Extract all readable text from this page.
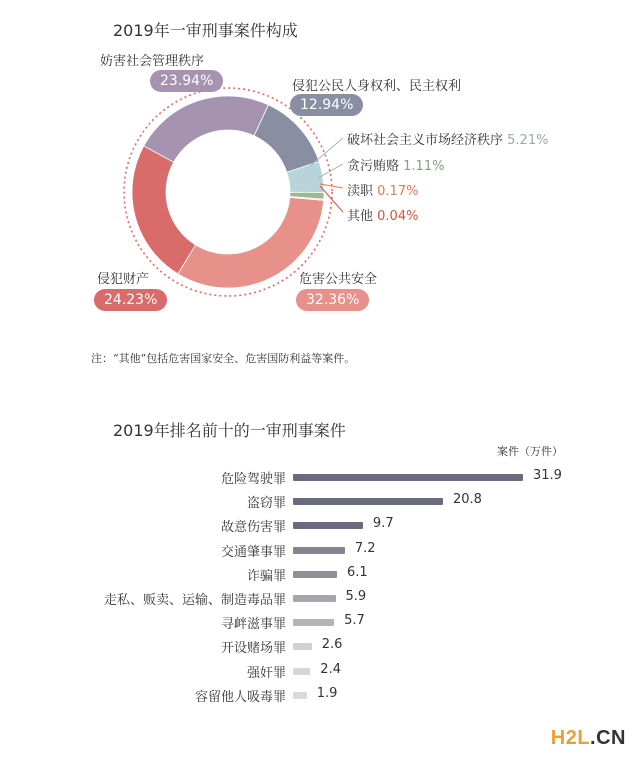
2019年一审刑事案件构成
妨害社会管理秩序
23.94%	侵犯公民人身权利、民主权利
12.94%
危害公共安全
32.36%
侵犯财产
24.23%
破坏社会主义市场经济秩序 5.21%
贪污贿赂 1.11%
渎职 0.17%
其他 0.04%
注：“其他”包括危害国家安全、危害国防利益等案件。
2019年排名前十的一审刑事案件
案件（万件）
危险驾驶罪	31.9
盗窃罪	20.8
故意伤害罪	9.7
交通肇事罪	7.2
诈骗罪	6.1
走私、贩卖、运输、制造毒品罪	5.9
寻衅滋事罪	5.7
开设赌场罪	2.6
强奸罪	2.4
容留他人吸毒罪 1.9
H2L.CN
